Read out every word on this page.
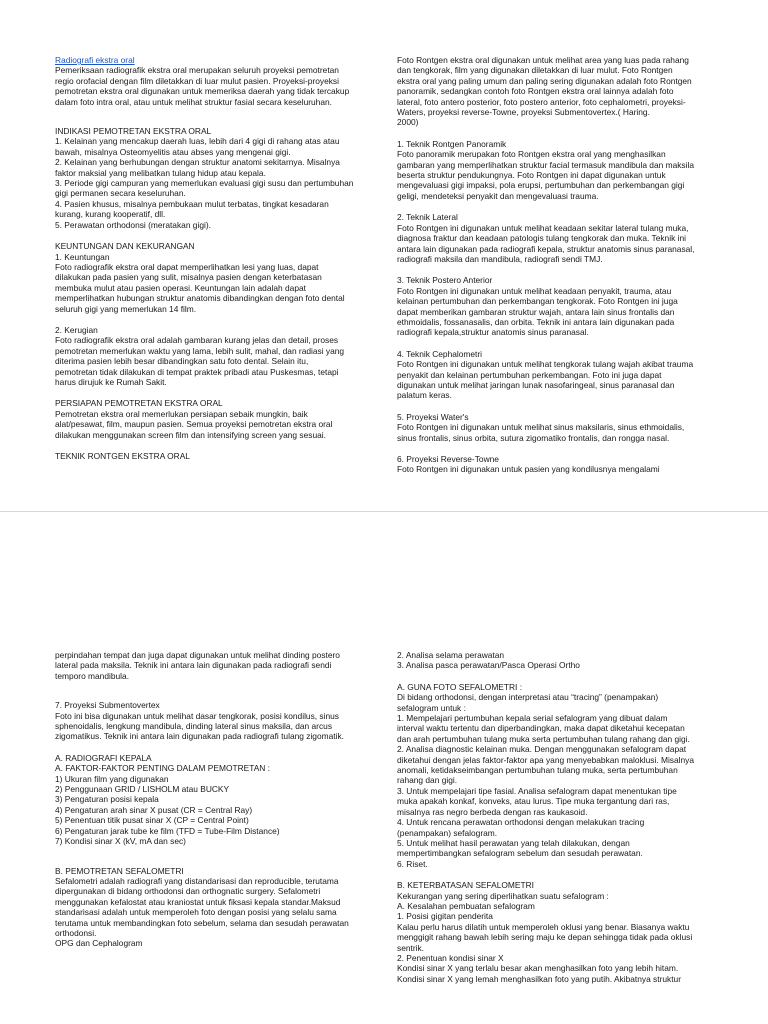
Radiografi ekstra oral
Pemeriksaan radiografik ekstra oral merupakan seluruh proyeksi pemotretan
regio orofacial dengan film diletakkan di luar mulut pasien. Proyeksi-proyeksi
pemotretan ekstra oral digunakan untuk memeriksa daerah yang tidak tercakup
dalam foto intra oral, atau untuk melihat struktur fasial secara keseluruhan.
INDIKASI PEMOTRETAN EKSTRA ORAL
1. Kelainan yang mencakup daerah luas, lebih dari 4 gigi di rahang atas atau
bawah, misalnya Osteomyelitis atau abses yang mengenai gigi.
2. Kelainan yang berhubungan dengan struktur anatomi sekitarnya. Misalnya
faktor maksial yang melibatkan tulang hidup atau kepala.
3. Periode gigi campuran yang memerlukan evaluasi gigi susu dan pertumbuhan
gigi permanen secara keseluruhan.
4. Pasien khusus, misalnya pembukaan mulut terbatas, tingkat kesadaran
kurang, kurang kooperatif, dll.
5. Perawatan orthodonsi (meratakan gigi).
KEUNTUNGAN DAN KEKURANGAN
1. Keuntungan
Foto radiografik ekstra oral dapat memperlihatkan lesi yang luas, dapat
dilakukan pada pasien yang sulit, misalnya pasien dengan keterbatasan
membuka mulut atau pasien operasi. Keuntungan lain adalah dapat
memperlihatkan hubungan struktur anatomis dibandingkan dengan foto dental
seluruh gigi yang memerlukan 14 film.
2. Kerugian
Foto radiografik ekstra oral adalah gambaran kurang jelas dan detail, proses
pemotretan memerlukan waktu yang lama, lebih sulit, mahal, dan radiasi yang
diterima pasien lebih besar dibandingkan satu foto dental. Selain itu,
pemotretan tidak dilakukan di tempat praktek pribadi atau Puskesmas, tetapi
harus dirujuk ke Rumah Sakit.
PERSIAPAN PEMOTRETAN EKSTRA ORAL
Pemotretan ekstra oral memerlukan persiapan sebaik mungkin, baik
alat/pesawat, film, maupun pasien. Semua proyeksi pemotretan ekstra oral
dilakukan menggunakan screen film dan intensifying screen yang sesuai.
TEKNIK RONTGEN EKSTRA ORAL
Foto Rontgen ekstra oral digunakan untuk melihat area yang luas pada rahang
dan tengkorak, film yang digunakan diletakkan di luar mulut. Foto Rontgen
ekstra oral yang paling umum dan paling sering digunakan adalah foto Rontgen
panoramik, sedangkan contoh foto Rontgen ekstra oral lainnya adalah foto
lateral, foto antero posterior, foto postero anterior, foto cephalometri, proyeksi-
Waters, proyeksi reverse-Towne, proyeksi Submentovertex.( Haring.
2000)
1. Teknik Rontgen Panoramik
Foto panoramik merupakan foto Rontgen ekstra oral yang menghasilkan
gambaran yang memperlihatkan struktur facial termasuk mandibula dan maksila
beserta struktur pendukungnya. Foto Rontgen ini dapat digunakan untuk
mengevaluasi gigi impaksi, pola erupsi, pertumbuhan dan perkembangan gigi
geligi, mendeteksi penyakit dan mengevaluasi trauma.
2. Teknik Lateral
Foto Rontgen ini digunakan untuk melihat keadaan sekitar lateral tulang muka,
diagnosa fraktur dan keadaan patologis tulang tengkorak dan muka. Teknik ini
antara lain digunakan pada radiografi kepala, struktur anatomis sinus paranasal,
radiografi maksila dan mandibula, radiografi sendi TMJ.
3. Teknik Postero Anterior
Foto Rontgen ini digunakan untuk melihat keadaan penyakit, trauma, atau
kelainan pertumbuhan dan perkembangan tengkorak. Foto Rontgen ini juga
dapat memberikan gambaran struktur wajah, antara lain sinus frontalis dan
ethmoidalis, fossanasalis, dan orbita. Teknik ini antara lain digunakan pada
radiografi kepala,struktur anatomis sinus paranasal.
4. Teknik Cephalometri
Foto Rontgen ini digunakan untuk melihat tengkorak tulang wajah akibat trauma
penyakit dan kelainan pertumbuhan perkembangan. Foto ini juga dapat
digunakan untuk melihat jaringan lunak nasofaringeal, sinus paranasal dan
palatum keras.
5. Proyeksi Water's
Foto Rontgen ini digunakan untuk melihat sinus maksilaris, sinus ethmoidalis,
sinus frontalis, sinus orbita, sutura zigomatiko frontalis, dan rongga nasal.
6. Proyeksi Reverse-Towne
Foto Rontgen ini digunakan untuk pasien yang kondilusnya mengalami
perpindahan tempat dan juga dapat digunakan untuk melihat dinding postero
lateral pada maksila. Teknik ini antara lain digunakan pada radiografi sendi
temporo mandibula.
7. Proyeksi Submentovertex
Foto ini bisa digunakan untuk melihat dasar tengkorak, posisi kondilus, sinus
sphenoidalis, lengkung mandibula, dinding lateral sinus maksila, dan arcus
zigomatikus. Teknik ini antara lain digunakan pada radiografi tulang zigomatik.
A. RADIOGRAFI KEPALA
A. FAKTOR-FAKTOR PENTING DALAM PEMOTRETAN :
1) Ukuran film yang digunakan
2) Penggunaan GRID / LISHOLM atau BUCKY
3) Pengaturan posisi kepala
4) Pengaturan arah sinar X pusat (CR = Central Ray)
5) Penentuan titik pusat sinar X (CP = Central Point)
6) Pengaturan jarak tube ke film (TFD = Tube-Film Distance)
7) Kondisi sinar X (kV, mA dan sec)
B. PEMOTRETAN SEFALOMETRI
Sefalometri adalah radiografi yang distandarisasi dan reproducible, terutama
dipergunakan di bidang orthodonsi dan orthognatic surgery. Sefalometri
menggunakan kefalostat atau kraniostat untuk fiksasi kepala standar.Maksud
standarisasi adalah untuk memperoleh foto dengan posisi yang selalu sama
terutama untuk membandingkan foto sebelum, selama dan sesudah perawatan
orthodonsi.
OPG dan Cephalogram
2. Analisa selama perawatan
3. Analisa pasca perawatan/Pasca Operasi Ortho
A. GUNA FOTO SEFALOMETRI :
Di bidang orthodonsi, dengan interpretasi atau “tracing” (penampakan)
sefalogram untuk :
1. Mempelajari pertumbuhan kepala serial sefalogram yang dibuat dalam
interval waktu tertentu dan diperbandingkan, maka dapat diketahui kecepatan
dan arah pertumbuhan tulang muka serta pertumbuhan tulang rahang dan gigi.
2. Analisa diagnostic kelainan muka. Dengan menggunakan sefalogram dapat
diketahui dengan jelas faktor-faktor apa yang menyebabkan maloklusi. Misalnya
anomali, ketidakseimbangan pertumbuhan tulang muka, serta pertumbuhan
rahang dan gigi.
3. Untuk mempelajari tipe fasial. Analisa sefalogram dapat menentukan tipe
muka apakah konkaf, konveks, atau lurus. Tipe muka tergantung dari ras,
misalnya ras negro berbeda dengan ras kaukasoid.
4. Untuk rencana perawatan orthodonsi dengan melakukan tracing
(penampakan) sefalogram.
5. Untuk melihat hasil perawatan yang telah dilakukan, dengan
mempertimbangkan sefalogram sebelum dan sesudah perawatan.
6. Riset.
B. KETERBATASAN SEFALOMETRI
Kekurangan yang sering diperlihatkan suatu sefalogram :
A. Kesalahan pembuatan sefalogram
1. Posisi gigitan penderita
Kalau perlu harus dilatih untuk memperoleh oklusi yang benar. Biasanya waktu
menggigit rahang bawah lebih sering maju ke depan sehingga tidak pada oklusi
sentrik.
2. Penentuan kondisi sinar X
Kondisi sinar X yang terlalu besar akan menghasilkan foto yang lebih hitam.
Kondisi sinar X yang lemah menghasilkan foto yang putih. Akibatnya struktur
